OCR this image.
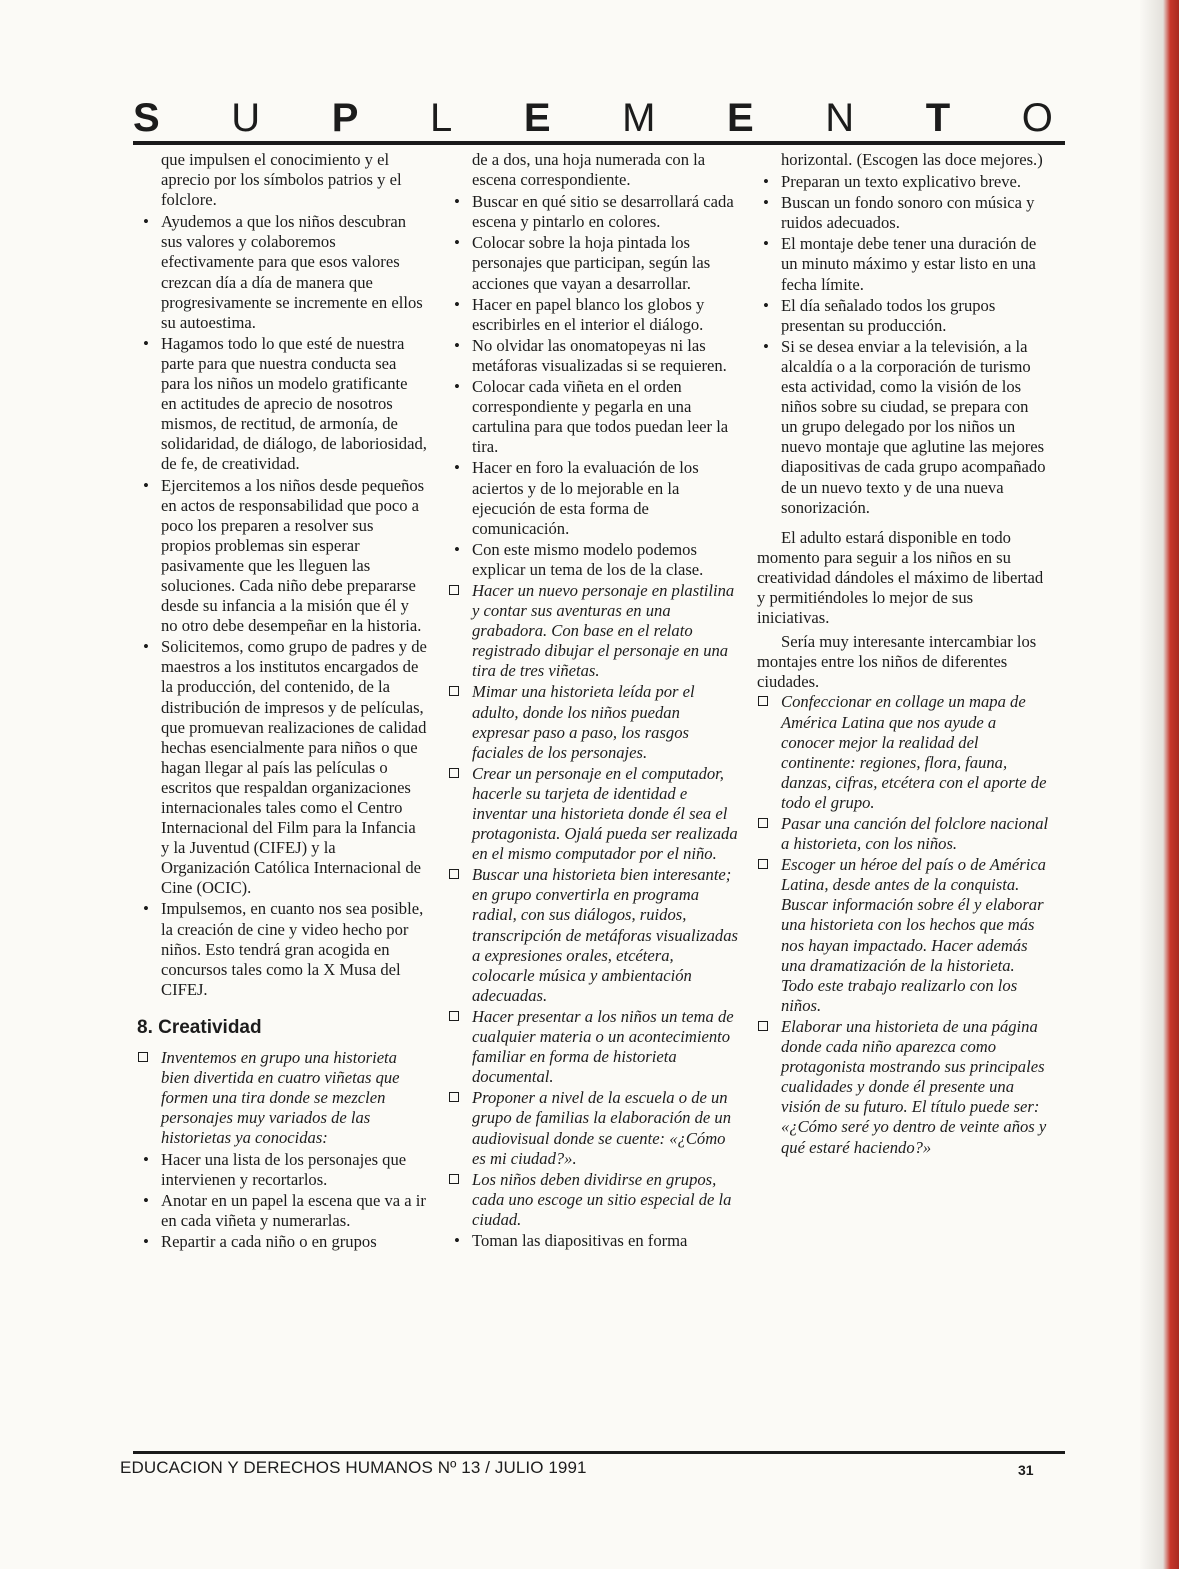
S U P L E M E N T O
que impulsen el conocimiento y el aprecio por los símbolos patrios y el folclore.
• Ayudemos a que los niños descubran sus valores y colaboremos efectivamente para que esos valores crezcan día a día de manera que progresivamente se incremente en ellos su autoestima.
• Hagamos todo lo que esté de nuestra parte para que nuestra conducta sea para los niños un modelo gratificante en actitudes de aprecio de nosotros mismos, de rectitud, de armonía, de solidaridad, de diálogo, de laboriosidad, de fe, de creatividad.
• Ejercitemos a los niños desde pequeños en actos de responsabilidad que poco a poco los preparen a resolver sus propios problemas sin esperar pasivamente que les lleguen las soluciones. Cada niño debe prepararse desde su infancia a la misión que él y no otro debe desempeñar en la historia.
• Solicitemos, como grupo de padres y de maestros a los institutos encargados de la producción, del contenido, de la distribución de impresos y de películas, que promuevan realizaciones de calidad hechas esencialmente para niños o que hagan llegar al país las películas o escritos que respaldan organizaciones internacionales tales como el Centro Internacional del Film para la Infancia y la Juventud (CIFEJ) y la Organización Católica Internacional de Cine (OCIC).
• Impulsemos, en cuanto nos sea posible, la creación de cine y video hecho por niños. Esto tendrá gran acogida en concursos tales como la X Musa del CIFEJ.
8. Creatividad
Inventemos en grupo una historieta bien divertida en cuatro viñetas que formen una tira donde se mezclen personajes muy variados de las historietas ya conocidas:
• Hacer una lista de los personajes que intervienen y recortarlos.
• Anotar en un papel la escena que va a ir en cada viñeta y numerarlas.
• Repartir a cada niño o en grupos
de a dos, una hoja numerada con la escena correspondiente.
• Buscar en qué sitio se desarrollará cada escena y pintarlo en colores.
• Colocar sobre la hoja pintada los personajes que participan, según las acciones que vayan a desarrollar.
• Hacer en papel blanco los globos y escribirles en el interior el diálogo.
• No olvidar las onomatopeyas ni las metáforas visualizadas si se requieren.
• Colocar cada viñeta en el orden correspondiente y pegarla en una cartulina para que todos puedan leer la tira.
• Hacer en foro la evaluación de los aciertos y de lo mejorable en la ejecución de esta forma de comunicación.
• Con este mismo modelo podemos explicar un tema de los de la clase.
Hacer un nuevo personaje en plastilina y contar sus aventuras en una grabadora. Con base en el relato registrado dibujar el personaje en una tira de tres viñetas.
Mimar una historieta leída por el adulto, donde los niños puedan expresar paso a paso, los rasgos faciales de los personajes.
Crear un personaje en el computador, hacerle su tarjeta de identidad e inventar una historieta donde él sea el protagonista. Ojalá pueda ser realizada en el mismo computador por el niño.
Buscar una historieta bien interesante; en grupo convertirla en programa radial, con sus diálogos, ruidos, transcripción de metáforas visualizadas a expresiones orales, etcétera, colocarle música y ambientación adecuadas.
Hacer presentar a los niños un tema de cualquier materia o un acontecimiento familiar en forma de historieta documental.
Proponer a nivel de la escuela o de un grupo de familias la elaboración de un audiovisual donde se cuente: «¿Cómo es mi ciudad?».
Los niños deben dividirse en grupos, cada uno escoge un sitio especial de la ciudad.
• Toman las diapositivas en forma
horizontal. (Escogen las doce mejores.)
• Preparan un texto explicativo breve.
• Buscan un fondo sonoro con música y ruidos adecuados.
• El montaje debe tener una duración de un minuto máximo y estar listo en una fecha límite.
• El día señalado todos los grupos presentan su producción.
• Si se desea enviar a la televisión, a la alcaldía o a la corporación de turismo esta actividad, como la visión de los niños sobre su ciudad, se prepara con un grupo delegado por los niños un nuevo montaje que aglutine las mejores diapositivas de cada grupo acompañado de un nuevo texto y de una nueva sonorización.

El adulto estará disponible en todo momento para seguir a los niños en su creatividad dándoles el máximo de libertad y permitiéndoles lo mejor de sus iniciativas.

Sería muy interesante intercambiar los montajes entre los niños de diferentes ciudades.

Confeccionar en collage un mapa de América Latina que nos ayude a conocer mejor la realidad del continente: regiones, flora, fauna, danzas, cifras, etcétera con el aporte de todo el grupo.
Pasar una canción del folclore nacional a historieta, con los niños.
Escoger un héroe del país o de América Latina, desde antes de la conquista. Buscar información sobre él y elaborar una historieta con los hechos que más nos hayan impactado. Hacer además una dramatización de la historieta. Todo este trabajo realizarlo con los niños.
Elaborar una historieta de una página donde cada niño aparezca como protagonista mostrando sus principales cualidades y donde él presente una visión de su futuro. El título puede ser: «¿Cómo seré yo dentro de veinte años y qué estaré haciendo?»
EDUCACION Y DERECHOS HUMANOS Nº 13 / JULIO 1991	31
